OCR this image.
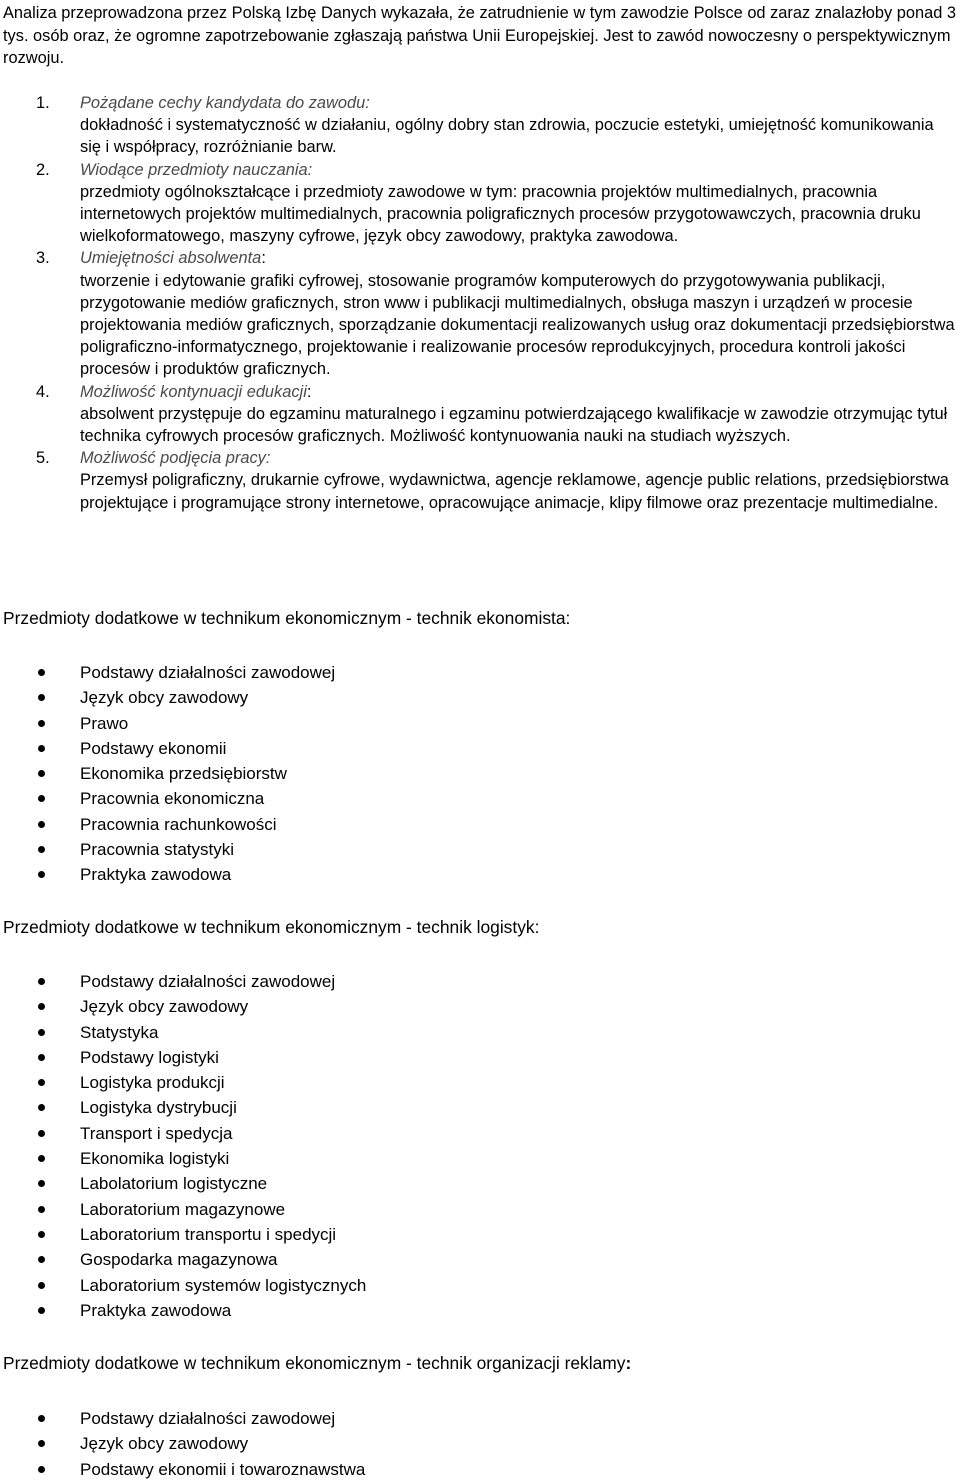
Analiza przeprowadzona przez Polską Izbę Danych wykazała, że zatrudnienie w tym zawodzie Polsce od zaraz znalazłoby ponad 3 tys. osób oraz, że ogromne zapotrzebowanie zgłaszają państwa Unii Europejskiej. Jest to zawód nowoczesny o perspektywicznym rozwoju.

1. Pożądane cechy kandydata do zawodu:
dokładność i systematyczność w działaniu, ogólny dobry stan zdrowia, poczucie estetyki, umiejętność komunikowania się i współpracy, rozróżnianie barw.
2. Wiodące przedmioty nauczania:
przedmioty ogólnokształcące i przedmioty zawodowe w tym: pracownia projektów multimedialnych, pracownia internetowych projektów multimedialnych, pracownia poligraficznych procesów przygotowawczych, pracownia druku wielkoformatowego, maszyny cyfrowe, język obcy zawodowy, praktyka zawodowa.
3. Umiejętności absolwenta:
tworzenie i edytowanie grafiki cyfrowej, stosowanie programów komputerowych do przygotowywania publikacji, przygotowanie mediów graficznych, stron www i publikacji multimedialnych, obsługa maszyn i urządzeń w procesie projektowania mediów graficznych, sporządzanie dokumentacji realizowanych usług oraz dokumentacji przedsiębiorstwa poligraficzno-informatycznego, projektowanie i realizowanie procesów reprodukcyjnych, procedura kontroli jakości procesów i produktów graficznych.
4. Możliwość kontynuacji edukacji:
absolwent przystępuje do egzaminu maturalnego i egzaminu potwierdzającego kwalifikacje w zawodzie otrzymując tytuł technika cyfrowych procesów graficznych. Możliwość kontynuowania nauki na studiach wyższych.
5. Możliwość podjęcia pracy:
Przemysł poligraficzny, drukarnie cyfrowe, wydawnictwa, agencje reklamowe, agencje public relations, przedsiębiorstwa projektujące i programujące strony internetowe, opracowujące animacje, klipy filmowe oraz prezentacje multimedialne.
Przedmioty dodatkowe w technikum ekonomicznym - technik ekonomista:
Podstawy działalności zawodowej
Język obcy zawodowy
Prawo
Podstawy ekonomii
Ekonomika przedsiębiorstw
Pracownia ekonomiczna
Pracownia rachunkowości
Pracownia statystyki
Praktyka zawodowa
Przedmioty dodatkowe w technikum ekonomicznym - technik logistyk:
Podstawy działalności zawodowej
Język obcy zawodowy
Statystyka
Podstawy logistyki
Logistyka produkcji
Logistyka dystrybucji
Transport i spedycja
Ekonomika logistyki
Labolatorium logistyczne
Laboratorium magazynowe
Laboratorium transportu i spedycji
Gospodarka magazynowa
Laboratorium systemów logistycznych
Praktyka zawodowa
Przedmioty dodatkowe w technikum ekonomicznym - technik organizacji reklamy:
Podstawy działalności zawodowej
Język obcy zawodowy
Podstawy ekonomii i towaroznawstwa
